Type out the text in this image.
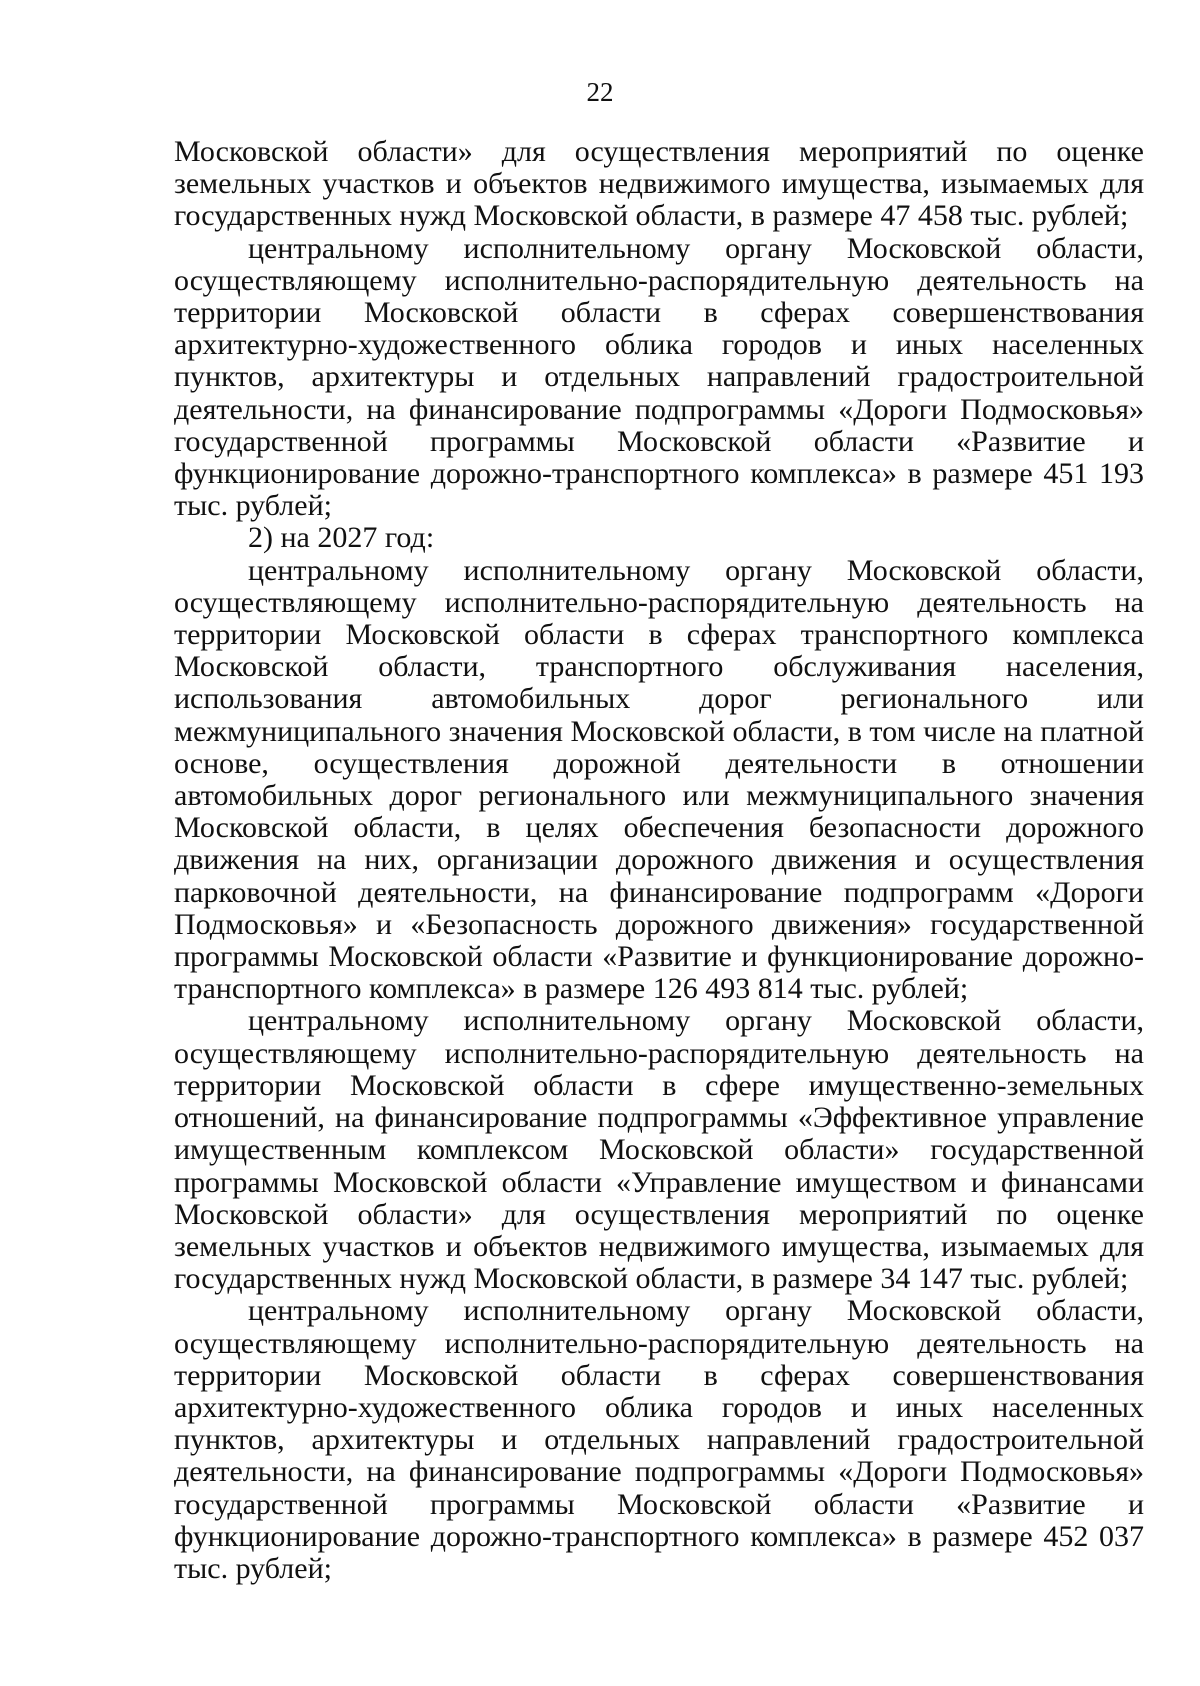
22

Московской области» для осуществления мероприятий по оценке земельных участков и объектов недвижимого имущества, изымаемых для государственных нужд Московской области, в размере 47 458 тыс. рублей;

центральному исполнительному органу Московской области, осуществляющему исполнительно-распорядительную деятельность на территории Московской области в сферах совершенствования архитектурно-художественного облика городов и иных населенных пунктов, архитектуры и отдельных направлений градостроительной деятельности, на финансирование подпрограммы «Дороги Подмосковья» государственной программы Московской области «Развитие и функционирование дорожно-транспортного комплекса» в размере 451 193 тыс. рублей;

2) на 2027 год:

центральному исполнительному органу Московской области, осуществляющему исполнительно-распорядительную деятельность на территории Московской области в сферах транспортного комплекса Московской области, транспортного обслуживания населения, использования автомобильных дорог регионального или межмуниципального значения Московской области, в том числе на платной основе, осуществления дорожной деятельности в отношении автомобильных дорог регионального или межмуниципального значения Московской области, в целях обеспечения безопасности дорожного движения на них, организации дорожного движения и осуществления парковочной деятельности, на финансирование подпрограмм «Дороги Подмосковья» и «Безопасность дорожного движения» государственной программы Московской области «Развитие и функционирование дорожно-транспортного комплекса» в размере 126 493 814 тыс. рублей;

центральному исполнительному органу Московской области, осуществляющему исполнительно-распорядительную деятельность на территории Московской области в сфере имущественно-земельных отношений, на финансирование подпрограммы «Эффективное управление имущественным комплексом Московской области» государственной программы Московской области «Управление имуществом и финансами Московской области» для осуществления мероприятий по оценке земельных участков и объектов недвижимого имущества, изымаемых для государственных нужд Московской области, в размере 34 147 тыс. рублей;

центральному исполнительному органу Московской области, осуществляющему исполнительно-распорядительную деятельность на территории Московской области в сферах совершенствования архитектурно-художественного облика городов и иных населенных пунктов, архитектуры и отдельных направлений градостроительной деятельности, на финансирование подпрограммы «Дороги Подмосковья» государственной программы Московской области «Развитие и функционирование дорожно-транспортного комплекса» в размере 452 037 тыс. рублей;
